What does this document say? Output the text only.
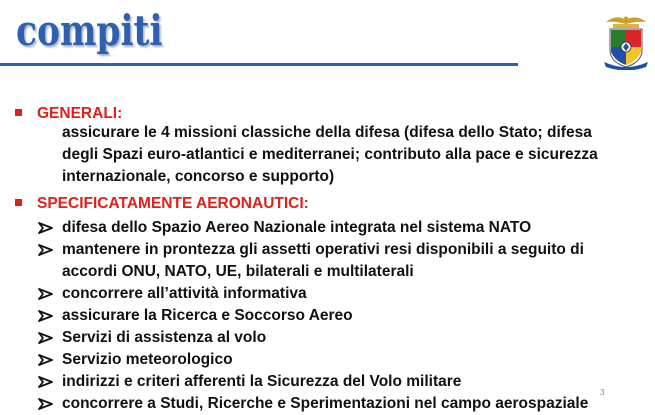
compiti
GENERALI:
assicurare le 4 missioni classiche della difesa (difesa dello Stato; difesa degli Spazi euro-atlantici e mediterranei; contributo alla pace e sicurezza internazionale, concorso e supporto)
SPECIFICATAMENTE AERONAUTICI:
difesa dello Spazio Aereo Nazionale integrata nel sistema NATO
mantenere in prontezza gli assetti operativi resi disponibili a seguito di accordi ONU, NATO, UE, bilaterali e multilaterali
concorrere all’attività informativa
assicurare la Ricerca e Soccorso Aereo
Servizi di assistenza al volo
Servizio meteorologico
indirizzi e criteri afferenti la Sicurezza del Volo militare
concorrere a Studi, Ricerche e Sperimentazioni nel campo aerospaziale
3
